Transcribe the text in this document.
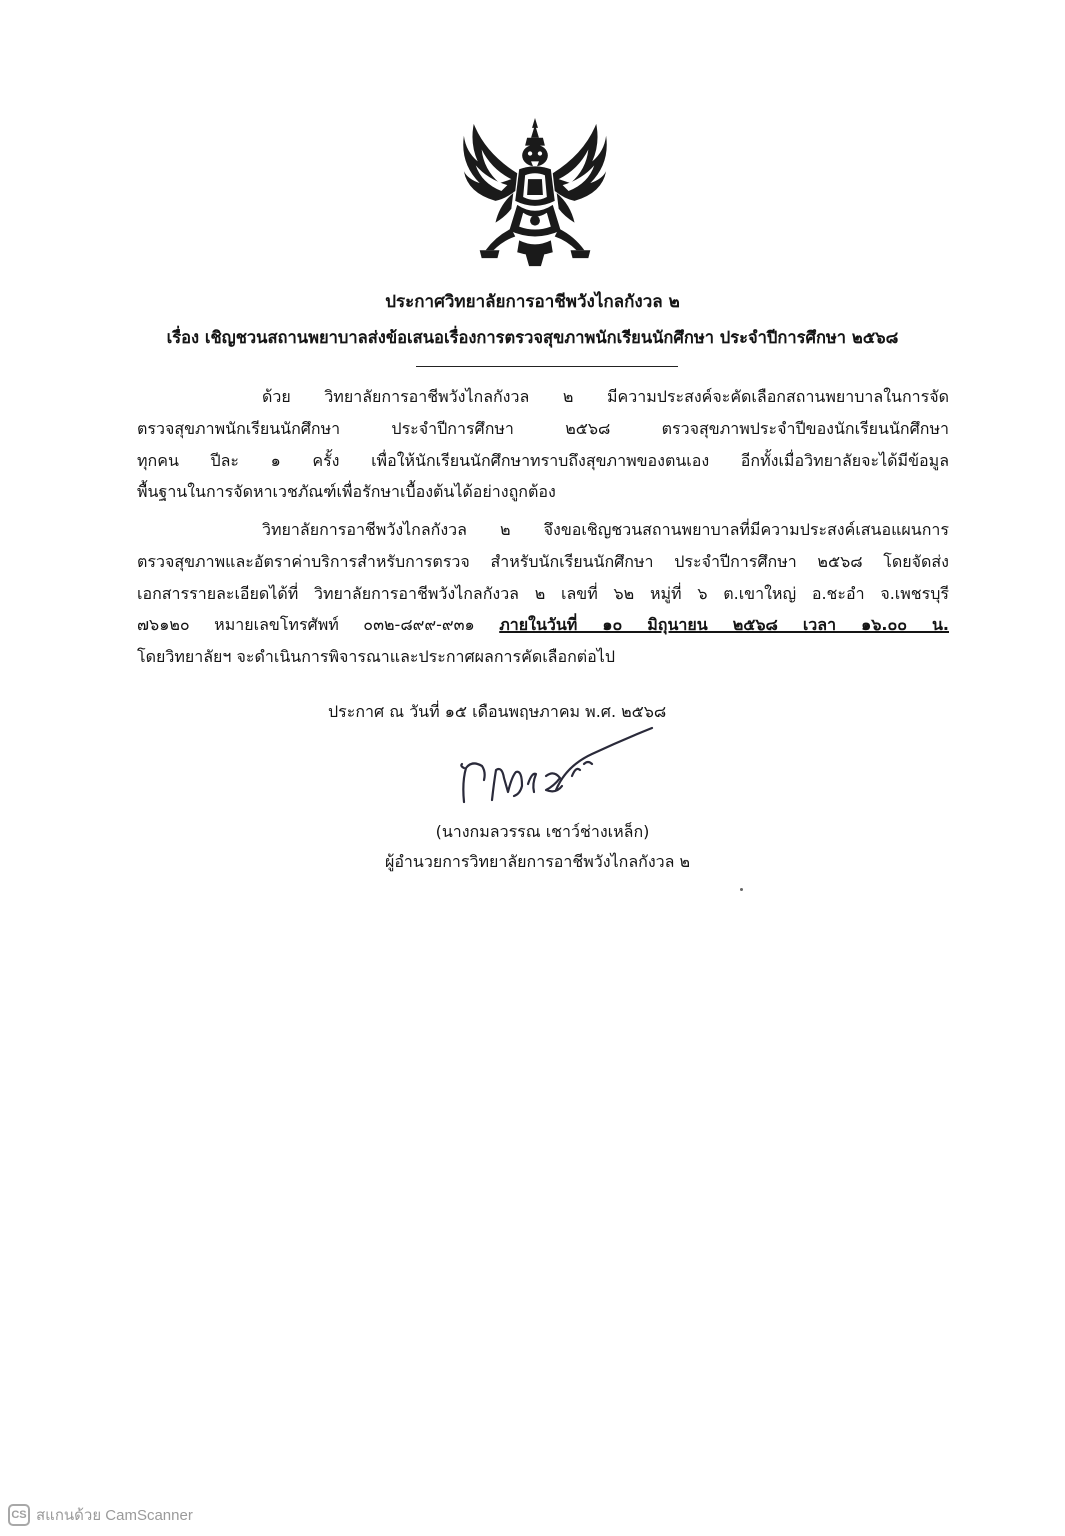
ประกาศวิทยาลัยการอาชีพวังไกลกังวล ๒
เรื่อง เชิญชวนสถานพยาบาลส่งข้อเสนอเรื่องการตรวจสุขภาพนักเรียนนักศึกษา ประจำปีการศึกษา ๒๕๖๘
ด้วย วิทยาลัยการอาชีพวังไกลกังวล ๒ มีความประสงค์จะคัดเลือกสถานพยาบาลในการจัด
ตรวจสุขภาพนักเรียนนักศึกษา ประจำปีการศึกษา ๒๕๖๘ ตรวจสุขภาพประจำปีของนักเรียนนักศึกษา
ทุกคน ปีละ ๑ ครั้ง เพื่อให้นักเรียนนักศึกษาทราบถึงสุขภาพของตนเอง อีกทั้งเมื่อวิทยาลัยจะได้มีข้อมูล
พื้นฐานในการจัดหาเวชภัณฑ์เพื่อรักษาเบื้องต้นได้อย่างถูกต้อง
วิทยาลัยการอาชีพวังไกลกังวล ๒ จึงขอเชิญชวนสถานพยาบาลที่มีความประสงค์เสนอแผนการ
ตรวจสุขภาพและอัตราค่าบริการสำหรับการตรวจ สำหรับนักเรียนนักศึกษา ประจำปีการศึกษา ๒๕๖๘ โดยจัดส่ง
เอกสารรายละเอียดได้ที่ วิทยาลัยการอาชีพวังไกลกังวล ๒ เลขที่ ๖๒ หมู่ที่ ๖ ต.เขาใหญ่ อ.ชะอำ จ.เพชรบุรี
๗๖๑๒๐ หมายเลขโทรศัพท์ ๐๓๒-๘๙๙-๙๓๑ ภายในวันที่ ๑๐ มิถุนายน ๒๕๖๘ เวลา ๑๖.๐๐ น.
โดยวิทยาลัยฯ จะดำเนินการพิจารณาและประกาศผลการคัดเลือกต่อไป
ประกาศ ณ วันที่ ๑๕ เดือนพฤษภาคม พ.ศ. ๒๕๖๘
(นางกมลวรรณ เชาว์ช่างเหล็ก)
ผู้อำนวยการวิทยาลัยการอาชีพวังไกลกังวล ๒
CS สแกนด้วย CamScanner
